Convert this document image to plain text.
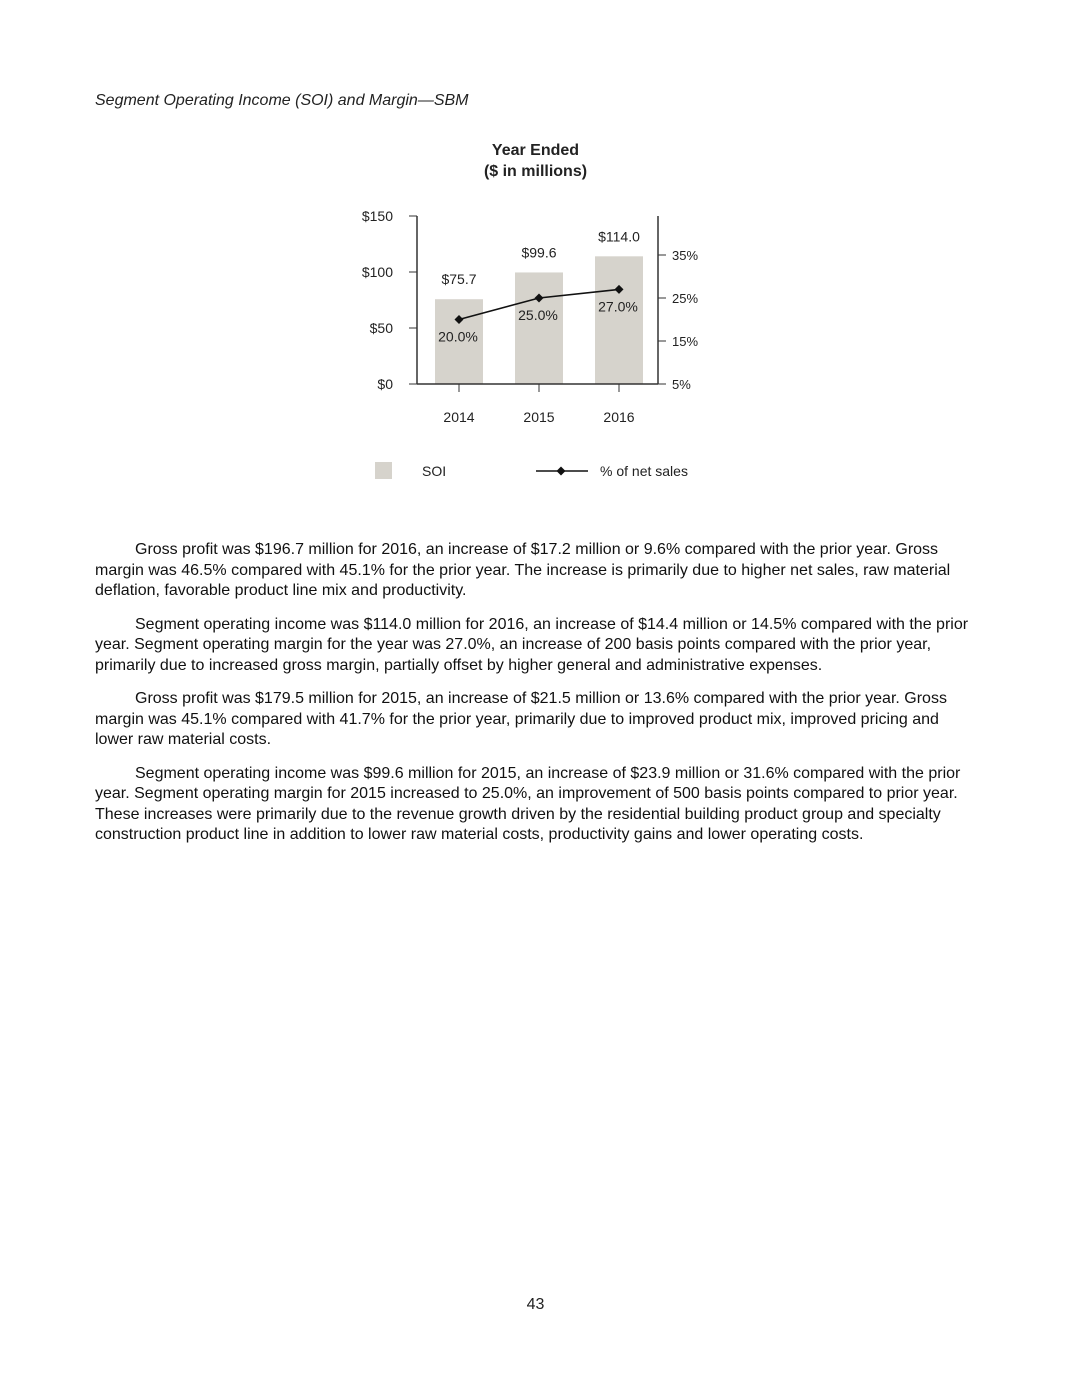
Segment Operating Income (SOI) and Margin—SBM
Year Ended
($ in millions)
$0
$50
$100
$150
5%
15%
25%
35%
2014	2015	2016
$75.7
$99.6
$114.0
20.0%
25.0%
27.0%
SOI	% of net sales

Gross profit was $196.7 million for 2016, an increase of $17.2 million or 9.6% compared with the prior year. Gross margin was 46.5% compared with 45.1% for the prior year. The increase is primarily due to higher net sales, raw material deflation, favorable product line mix and productivity.

Segment operating income was $114.0 million for 2016, an increase of $14.4 million or 14.5% compared with the prior year. Segment operating margin for the year was 27.0%, an increase of 200 basis points compared with the prior year, primarily due to increased gross margin, partially offset by higher general and administrative expenses.

Gross profit was $179.5 million for 2015, an increase of $21.5 million or 13.6% compared with the prior year. Gross margin was 45.1% compared with 41.7% for the prior year, primarily due to improved product mix, improved pricing and lower raw material costs.

Segment operating income was $99.6 million for 2015, an increase of $23.9 million or 31.6% compared with the prior year. Segment operating margin for 2015 increased to 25.0%, an improvement of 500 basis points compared to prior year. These increases were primarily due to the revenue growth driven by the residential building product group and specialty construction product line in addition to lower raw material costs, productivity gains and lower operating costs.

43
